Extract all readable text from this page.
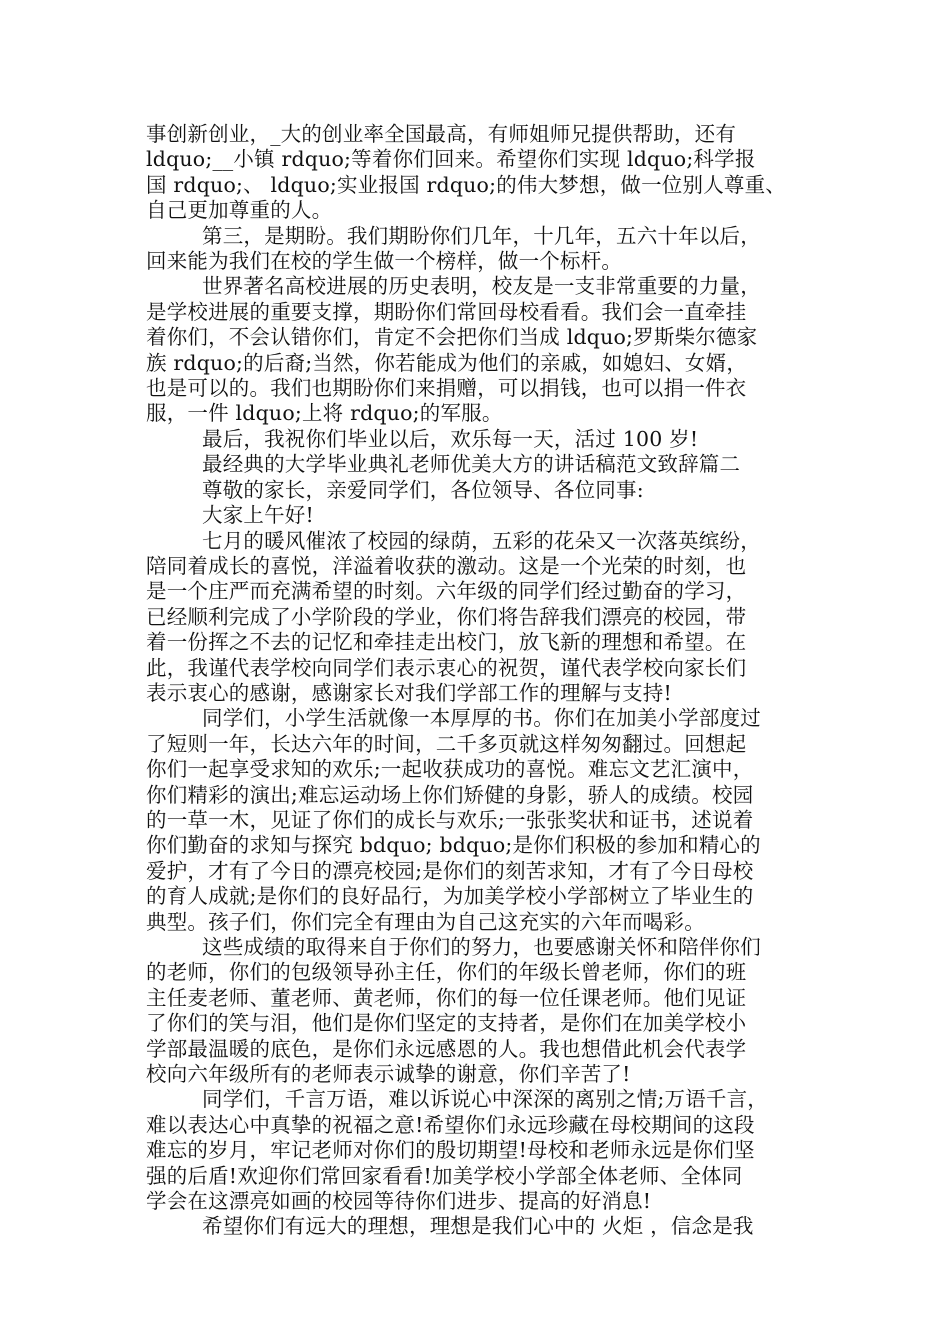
事创新创业，_大的创业率全国最高，有师姐师兄提供帮助，还有
ldquo;__小镇 rdquo;等着你们回来。希望你们实现 ldquo;科学报
国 rdquo;、 ldquo;实业报国 rdquo;的伟大梦想，做一位别人尊重、
自己更加尊重的人。

第三，是期盼。我们期盼你们几年，十几年，五六十年以后，
回来能为我们在校的学生做一个榜样，做一个标杆。

世界著名高校进展的历史表明，校友是一支非常重要的力量，
是学校进展的重要支撑，期盼你们常回母校看看。我们会一直牵挂
着你们，不会认错你们，肯定不会把你们当成 ldquo;罗斯柴尔德家
族 rdquo;的后裔;当然，你若能成为他们的亲戚，如媳妇、女婿，
也是可以的。我们也期盼你们来捐赠，可以捐钱，也可以捐一件衣
服，一件 ldquo;上将 rdquo;的军服。

最后，我祝你们毕业以后，欢乐每一天，活过 100 岁!

最经典的大学毕业典礼老师优美大方的讲话稿范文致辞篇二

尊敬的家长，亲爱同学们，各位领导、各位同事:

大家上午好!

七月的暖风催浓了校园的绿荫，五彩的花朵又一次落英缤纷，
陪同着成长的喜悦，洋溢着收获的激动。这是一个光荣的时刻，也
是一个庄严而充满希望的时刻。六年级的同学们经过勤奋的学习，
已经顺利完成了小学阶段的学业，你们将告辞我们漂亮的校园，带
着一份挥之不去的记忆和牵挂走出校门，放飞新的理想和希望。在
此，我谨代表学校向同学们表示衷心的祝贺，谨代表学校向家长们
表示衷心的感谢，感谢家长对我们学部工作的理解与支持!

同学们，小学生活就像一本厚厚的书。你们在加美小学部度过
了短则一年，长达六年的时间，二千多页就这样匆匆翻过。回想起
你们一起享受求知的欢乐;一起收获成功的喜悦。难忘文艺汇演中，
你们精彩的演出;难忘运动场上你们矫健的身影，骄人的成绩。校园
的一草一木，见证了你们的成长与欢乐;一张张奖状和证书，述说着
你们勤奋的求知与探究 bdquo; bdquo;是你们积极的参加和精心的
爱护，才有了今日的漂亮校园;是你们的刻苦求知，才有了今日母校
的育人成就;是你们的良好品行，为加美学校小学部树立了毕业生的
典型。孩子们，你们完全有理由为自己这充实的六年而喝彩。

这些成绩的取得来自于你们的努力，也要感谢关怀和陪伴你们
的老师，你们的包级领导孙主任，你们的年级长曾老师，你们的班
主任麦老师、董老师、黄老师，你们的每一位任课老师。他们见证
了你们的笑与泪，他们是你们坚定的支持者，是你们在加美学校小
学部最温暖的底色，是你们永远感恩的人。我也想借此机会代表学
校向六年级所有的老师表示诚挚的谢意，你们辛苦了!

同学们，千言万语，难以诉说心中深深的离别之情;万语千言，
难以表达心中真挚的祝福之意!希望你们永远珍藏在母校期间的这段
难忘的岁月，牢记老师对你们的殷切期望!母校和老师永远是你们坚
强的后盾!欢迎你们常回家看看!加美学校小学部全体老师、全体同
学会在这漂亮如画的校园等待你们进步、提高的好消息!

希望你们有远大的理想，理想是我们心中的 火炬 ，信念是我
